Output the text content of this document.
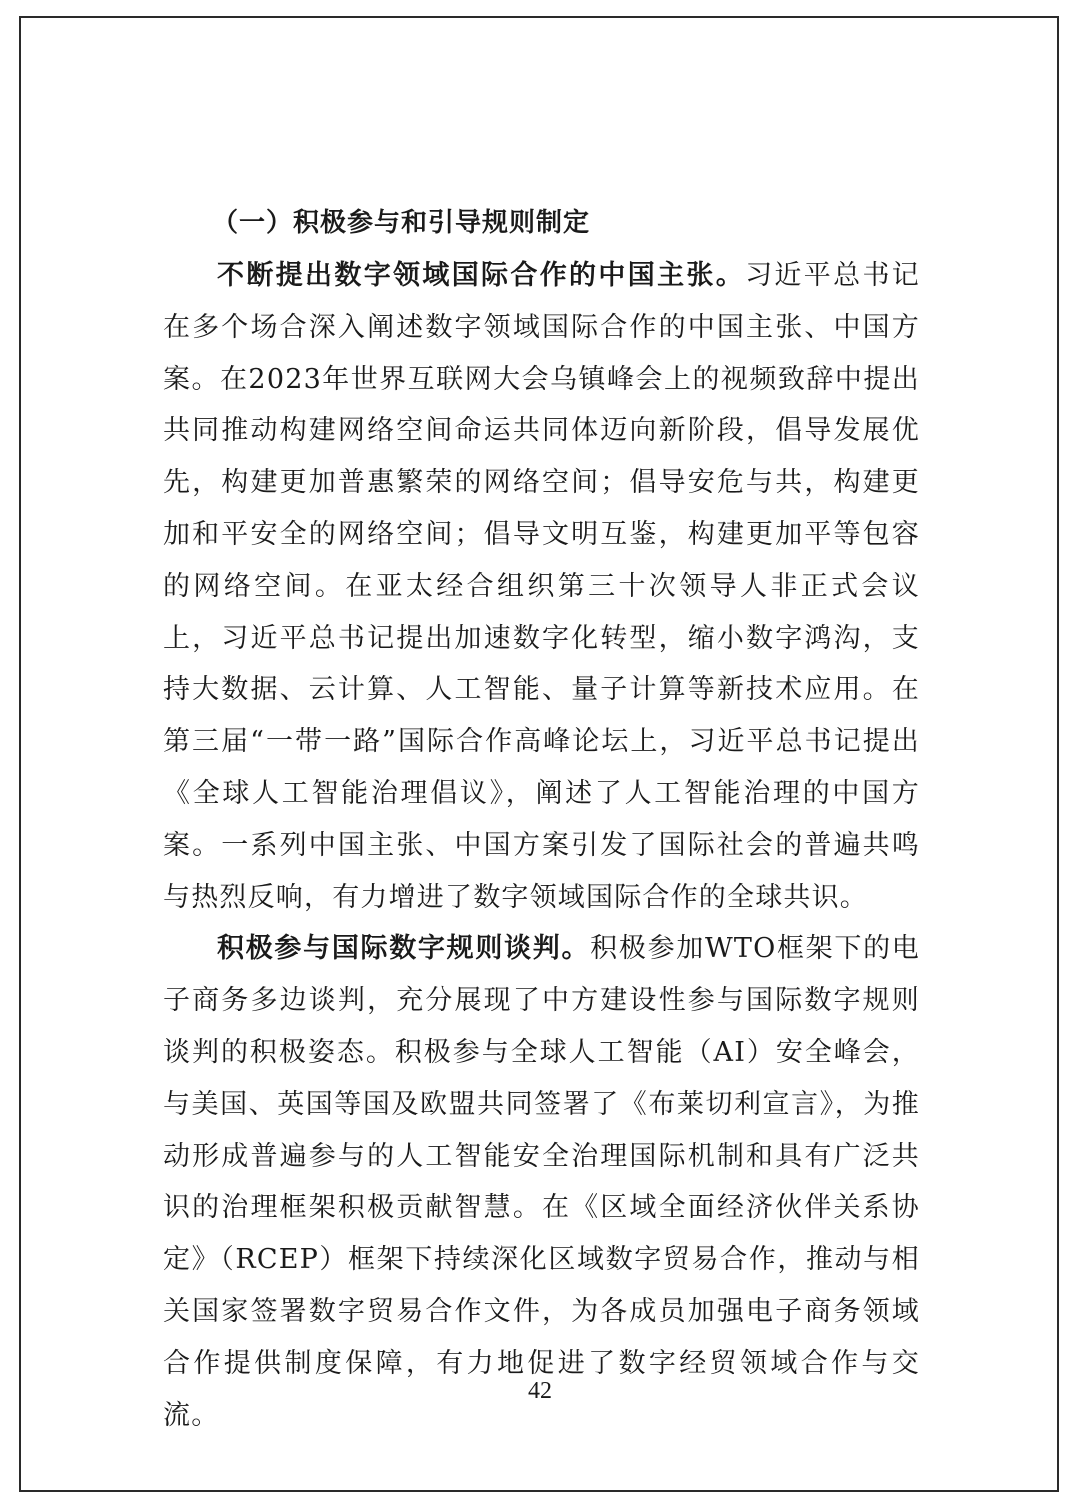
（一）积极参与和引导规则制定

不断提出数字领域国际合作的中国主张。习近平总书记在多个场合深入阐述数字领域国际合作的中国主张、中国方案。在2023年世界互联网大会乌镇峰会上的视频致辞中提出共同推动构建网络空间命运共同体迈向新阶段，倡导发展优先，构建更加普惠繁荣的网络空间；倡导安危与共，构建更加和平安全的网络空间；倡导文明互鉴，构建更加平等包容的网络空间。在亚太经合组织第三十次领导人非正式会议上，习近平总书记提出加速数字化转型，缩小数字鸿沟，支持大数据、云计算、人工智能、量子计算等新技术应用。在第三届“一带一路”国际合作高峰论坛上，习近平总书记提出《全球人工智能治理倡议》，阐述了人工智能治理的中国方案。一系列中国主张、中国方案引发了国际社会的普遍共鸣与热烈反响，有力增进了数字领域国际合作的全球共识。

积极参与国际数字规则谈判。积极参加WTO框架下的电子商务多边谈判，充分展现了中方建设性参与国际数字规则谈判的积极姿态。积极参与全球人工智能（AI）安全峰会，与美国、英国等国及欧盟共同签署了《布莱切利宣言》，为推动形成普遍参与的人工智能安全治理国际机制和具有广泛共识的治理框架积极贡献智慧。在《区域全面经济伙伴关系协定》（RCEP）框架下持续深化区域数字贸易合作，推动与相关国家签署数字贸易合作文件，为各成员加强电子商务领域合作提供制度保障，有力地促进了数字经贸领域合作与交流。

42
